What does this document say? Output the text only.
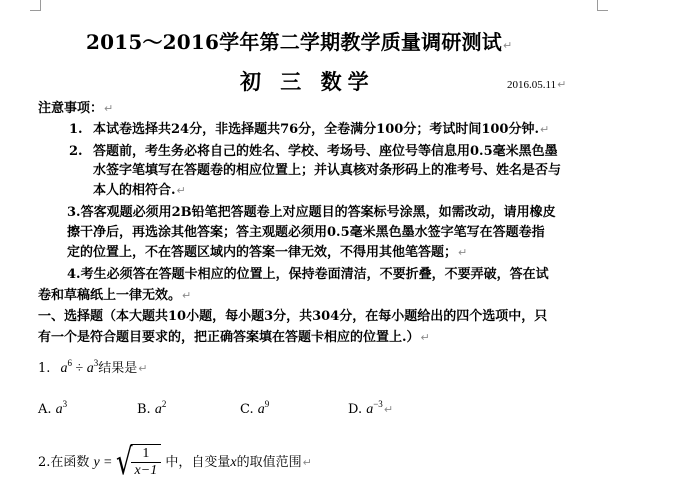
2015～2016学年第二学期教学质量调研测试↵
初 三 数学	2016.05.11↵
注意事项：↵
1. 本试卷选择共24分，非选择题共76分，全卷满分100分；考试时间100分钟.↵
2. 答题前，考生务必将自己的姓名、学校、考场号、座位号等信息用0.5毫米黑色墨
水签字笔填写在答题卷的相应位置上；并认真核对条形码上的准考号、姓名是否与
本人的相符合.↵
3.答客观题必须用2B铅笔把答题卷上对应题目的答案标号涂黑，如需改动，请用橡皮
擦干净后，再选涂其他答案；答主观题必须用0.5毫米黑色墨水签字笔写在答题卷指
定的位置上，不在答题区域内的答案一律无效，不得用其他笔答题；↵
4.考生必须答在答题卡相应的位置上，保持卷面清洁，不要折叠，不要弄破，答在试
卷和草稿纸上一律无效。↵
一、选择题（本大题共10小题，每小题3分，共304分，在每小题给出的四个选项中，只
有一个是符合题目要求的，把正确答案填在答题卡相应的位置上.）↵
1. $a^6 \div a^3$结果是↵
A. $a^3$	B. $a^2$	C. $a^9$	D. $a^{-3}↵$
2.在函数 y = √
$\frac{1}{x-1}$ 中，自变量x的取值范围↵
